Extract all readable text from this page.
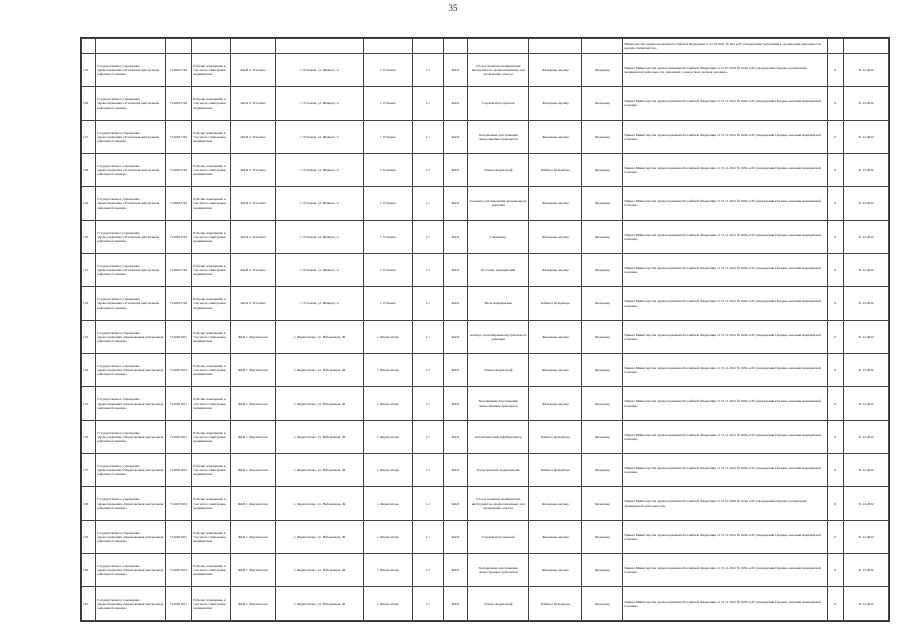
35
												Министерства здравоохранения Российской Федерации от 11.03.2021 № 40н «Об утверждении требований к организации деятельности врачей-специалистов»		
145	Государственное учреждение здравоохранения «Устюжская центральная районная больница»	7149031764	Рабочие помещения, в том числе санитарные, медицинские	ФАП п. Устюжна	г. Устюжна, ул. Шмидта, 4	г. Устюжна	1.1	ФАП	Сбор и хранение медицинских инструментов, предназначенных для проведения осмотра	Фельдшер-акушер	Фельдшер	Приказ Министерства здравоохранения Российской Федерации от 21.07.2020 № 674н «Об утверждении Порядка организации медицинской деятельности, связанной с донорством органов человека»	0	31.12.2022
146	Государственное учреждение здравоохранения «Устюжская центральная районная больница»	7149031764	Рабочие помещения, в том числе санитарные, медицинские	ФАП п. Устюжна	г. Устюжна, ул. Шмидта, 4	г. Устюжна	1.1	ФАП	Стерилизатор паровой	Фельдшер-акушер	Фельдшер	Приказ Министерства здравоохранения Российской Федерации от 15.11.2012 № 918н «Об утверждении Порядка оказания медицинской помощи»	0	31.12.2022
147	Государственное учреждение здравоохранения «Устюжская центральная районная больница»	7149031764	Рабочие помещения, в том числе санитарные, медицинские	ФАП п. Устюжна	г. Устюжна, ул. Шмидта, 4	г. Устюжна	1.1	ФАП	Холодильник для хранения лекарственных препаратов	Фельдшер-акушер	Фельдшер	Приказ Министерства здравоохранения Российской Федерации от 15.11.2012 № 918н «Об утверждении Порядка оказания медицинской помощи»	0	31.12.2022
148	Государственное учреждение здравоохранения «Устюжская центральная районная больница»	7149031764	Рабочие помещения, в том числе санитарные, медицинские	ФАП п. Устюжна	г. Устюжна, ул. Шмидта, 4	г. Устюжна	1.1	ФАП	Электрокардиограф	Кабинет фельдшера	Фельдшер	Приказ Министерства здравоохранения Российской Федерации от 15.11.2012 № 918н «Об утверждении Порядка оказания медицинской помощи»	0	31.12.2022
149	Государственное учреждение здравоохранения «Устюжская центральная районная больница»	7149031764	Рабочие помещения, в том числе санитарные, медицинские	ФАП п. Устюжна	г. Устюжна, ул. Шмидта, 4	г. Устюжна	1.1	ФАП	Тонометр для измерения артериального давления	Фельдшер-акушер	Фельдшер	Приказ Министерства здравоохранения Российской Федерации от 15.11.2012 № 918н «Об утверждении Порядка оказания медицинской помощи»	0	31.12.2022
150	Государственное учреждение здравоохранения «Устюжская центральная районная больница»	7149031764	Рабочие помещения, в том числе санитарные, медицинские	ФАП п. Устюжна	г. Устюжна, ул. Шмидта, 4	г. Устюжна	1.1	ФАП	Глюкометр	Фельдшер-акушер	Фельдшер	Приказ Министерства здравоохранения Российской Федерации от 15.11.2012 № 918н «Об утверждении Порядка оказания медицинской помощи»	0	31.12.2022
151	Государственное учреждение здравоохранения «Устюжская центральная районная больница»	7149031764	Рабочие помещения, в том числе санитарные, медицинские	ФАП п. Устюжна	г. Устюжна, ул. Шмидта, 4	г. Устюжна	1.1	ФАП	Ростомер медицинский	Фельдшер-акушер	Фельдшер	Приказ Министерства здравоохранения Российской Федерации от 15.11.2012 № 918н «Об утверждении Порядка оказания медицинской помощи»	0	31.12.2022
152	Государственное учреждение здравоохранения «Устюжская центральная районная больница»	7149031764	Рабочие помещения, в том числе санитарные, медицинские	ФАП п. Устюжна	г. Устюжна, ул. Шмидта, 4	г. Устюжна	1.1	ФАП	Весы медицинские	Кабинет фельдшера	Фельдшер	Приказ Министерства здравоохранения Российской Федерации от 15.11.2012 № 918н «Об утверждении Порядка оказания медицинской помощи»	0	31.12.2022
153	Государственное учреждение здравоохранения «Череповецкая центральная районная больница»	7149031651	Рабочие помещения, в том числе санитарные, медицинские	ФАП с. Ферапонтово	с. Ферапонтово, ул. Набережная, 49	с. Ферапонтово	1.1	ФАП	Аппарат для измерения внутриглазного давления	Фельдшер-акушер	Фельдшер	Приказ Министерства здравоохранения Российской Федерации от 15.11.2012 № 918н «Об утверждении Порядка оказания медицинской помощи»	0	31.12.2022
154	Государственное учреждение здравоохранения «Череповецкая центральная районная больница»	7149031651	Рабочие помещения, в том числе санитарные, медицинские	ФАП с. Ферапонтово	с. Ферапонтово, ул. Набережная, 49	с. Ферапонтово	1.1	ФАП	Электрокардиограф	Фельдшер-акушер	Фельдшер	Приказ Министерства здравоохранения Российской Федерации от 15.11.2012 № 918н «Об утверждении Порядка оказания медицинской помощи»	0	31.12.2022
155	Государственное учреждение здравоохранения «Череповецкая центральная районная больница»	7149031651	Рабочие помещения, в том числе санитарные, медицинские	ФАП с. Ферапонтово	с. Ферапонтово, ул. Набережная, 49	с. Ферапонтово	1.1	ФАП	Холодильник для хранения лекарственных препаратов	Фельдшер-акушер	Фельдшер	Приказ Министерства здравоохранения Российской Федерации от 15.11.2012 № 918н «Об утверждении Порядка оказания медицинской помощи»	0	31.12.2022
156	Государственное учреждение здравоохранения «Череповецкая центральная районная больница»	7149031651	Рабочие помещения, в том числе санитарные, медицинские	ФАП с. Ферапонтово	с. Ферапонтово, ул. Набережная, 49	с. Ферапонтово	1.1	ФАП	Автоматический дефибриллятор	Кабинет фельдшера	Фельдшер	Приказ Министерства здравоохранения Российской Федерации от 15.11.2012 № 918н «Об утверждении Порядка оказания медицинской помощи»	0	31.12.2022
157	Государственное учреждение здравоохранения «Череповецкая центральная районная больница»	7149031651	Рабочие помещения, в том числе санитарные, медицинские	ФАП с. Ферапонтово	с. Ферапонтово, ул. Набережная, 49	с. Ферапонтово	1.1	ФАП	Пульсоксиметр медицинский	Кабинет фельдшера	Фельдшер	Приказ Министерства здравоохранения Российской Федерации от 15.11.2012 № 918н «Об утверждении Порядка оказания медицинской помощи»	0	31.12.2022
158	Государственное учреждение здравоохранения «Череповецкая центральная районная больница»	7149031651	Рабочие помещения, в том числе санитарные, медицинские	ФАП с. Ферапонтово	с. Ферапонтово, ул. Набережная, 49	с. Ферапонтово	1.1	ФАП	Сбор и хранение медицинских инструментов, предназначенных для проведения осмотра	Фельдшер-акушер	Фельдшер	Приказ Министерства здравоохранения Российской Федерации от 21.07.2020 № 674н «Об утверждении Порядка организации медицинской деятельности»	0	31.12.2022
159	Государственное учреждение здравоохранения «Череповецкая центральная районная больница»	7149031651	Рабочие помещения, в том числе санитарные, медицинские	ФАП с. Ферапонтово	с. Ферапонтово, ул. Набережная, 49	с. Ферапонтово	1.1	ФАП	Стерилизатор паровой	Фельдшер-акушер	Фельдшер	Приказ Министерства здравоохранения Российской Федерации от 15.11.2012 № 918н «Об утверждении Порядка оказания медицинской помощи»	0	31.12.2022
160	Государственное учреждение здравоохранения «Череповецкая центральная районная больница»	7149031651	Рабочие помещения, в том числе санитарные, медицинские	ФАП с. Ферапонтово	с. Ферапонтово, ул. Набережная, 49	с. Ферапонтово	1.1	ФАП	Холодильник для хранения лекарственных препаратов	Фельдшер-акушер	Фельдшер	Приказ Министерства здравоохранения Российской Федерации от 15.11.2012 № 918н «Об утверждении Порядка оказания медицинской помощи»	0	31.12.2022
161	Государственное учреждение здравоохранения «Череповецкая центральная районная больница»	7149031651	Рабочие помещения, в том числе санитарные, медицинские	ФАП с. Ферапонтово	с. Ферапонтово, ул. Набережная, 49	с. Ферапонтово	1.1	ФАП	Электрокардиограф	Кабинет фельдшера	Фельдшер	Приказ Министерства здравоохранения Российской Федерации от 15.11.2012 № 918н «Об утверждении Порядка оказания медицинской помощи»	0	31.12.2022
